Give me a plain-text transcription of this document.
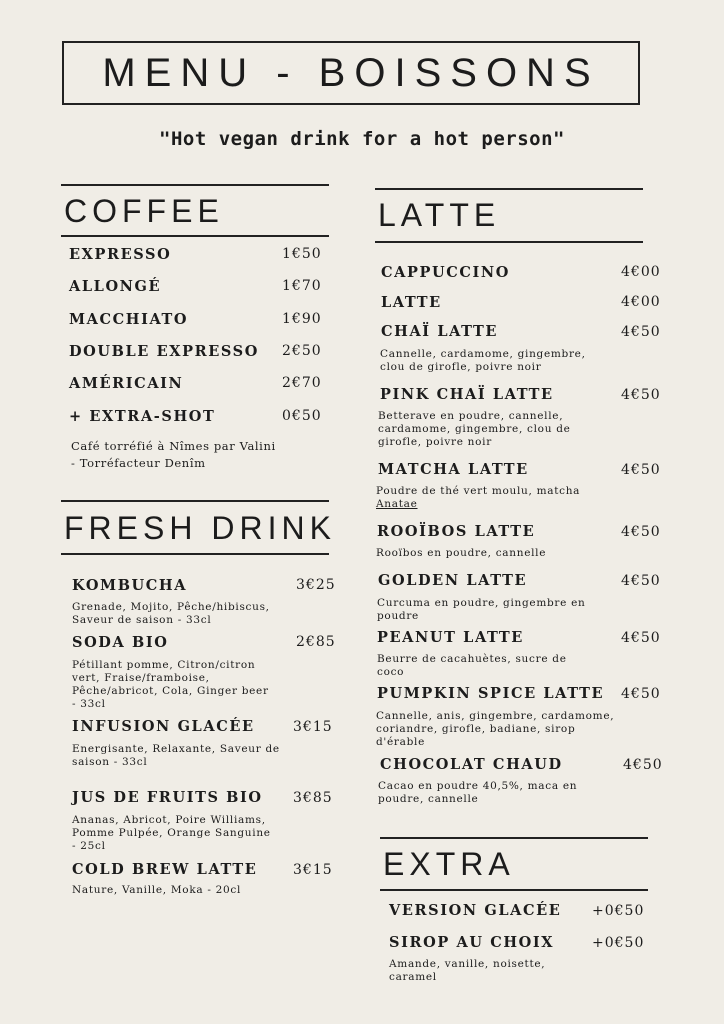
MENU - BOISSONS
"Hot vegan drink for a hot person"
COFFEE
EXPRESSO	1€50
ALLONGÉ	1€70
MACCHIATO	1€90
DOUBLE EXPRESSO 2€50
AMÉRICAIN	2€70
+ EXTRA-SHOT	0€50
Café torréfié à Nîmes par Valini
- Torréfacteur Denîm
FRESH DRINK
KOMBUCHA	3€25
Grenade, Mojito, Pêche/hibiscus,
Saveur de saison - 33cl
SODA BIO	2€85
Pétillant pomme, Citron/citron
vert, Fraise/framboise,
Pêche/abricot, Cola, Ginger beer
- 33cl
INFUSION GLACÉE	3€15
Energisante, Relaxante, Saveur de
saison - 33cl
JUS DE FRUITS BIO 3€85
Ananas, Abricot, Poire Williams,
Pomme Pulpée, Orange Sanguine
- 25cl
COLD BREW LATTE	3€15
Nature, Vanille, Moka - 20cl
LATTE
CAPPUCCINO	4€00
LATTE	4€00
CHAÏ LATTE	4€50
Cannelle, cardamome, gingembre,
clou de girofle, poivre noir
PINK CHAÏ LATTE	4€50
Betterave en poudre, cannelle,
cardamome, gingembre, clou de
girofle, poivre noir
MATCHA LATTE	4€50
Poudre de thé vert moulu, matcha
Anatae
ROOÏBOS LATTE	4€50
Rooïbos en poudre, cannelle
GOLDEN LATTE	4€50
Curcuma en poudre, gingembre en
poudre
PEANUT LATTE	4€50
Beurre de cacahuètes, sucre de
coco
PUMPKIN SPICE LATTE 4€50
Cannelle, anis, gingembre, cardamome,
coriandre, girofle, badiane, sirop
d'érable
CHOCOLAT CHAUD	4€50
Cacao en poudre 40,5%, maca en
poudre, cannelle
EXTRA
VERSION GLACÉE +0€50
SIROP AU CHOIX	+0€50
Amande, vanille, noisette,
caramel
